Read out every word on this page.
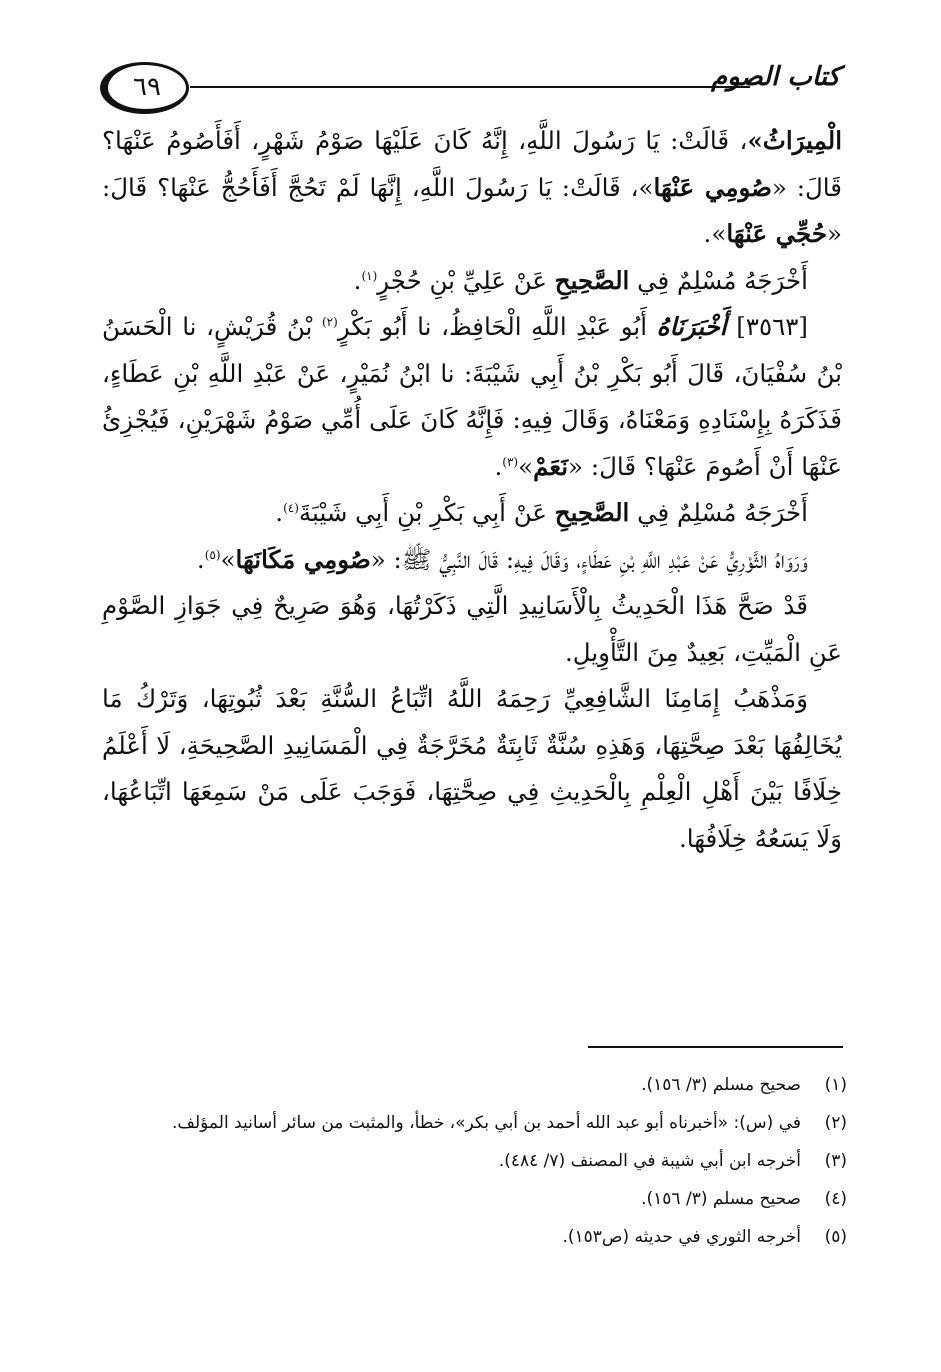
٦٩	كتاب الصوم

الْمِيرَاثُ»، قَالَتْ: يَا رَسُولَ اللَّهِ، إِنَّهُ كَانَ عَلَيْهَا صَوْمُ شَهْرٍ، أَفَأَصُومُ عَنْهَا؟ قَالَ: «صُومِي عَنْهَا»، قَالَتْ: يَا رَسُولَ اللَّهِ، إِنَّهَا لَمْ تَحُجَّ أَفَأَحُجُّ عَنْهَا؟ قَالَ: «حُجِّي عَنْهَا».

أَخْرَجَهُ مُسْلِمٌ فِي الصَّحِيحِ عَنْ عَلِيِّ بْنِ حُجْرٍ$^{(١)}$.

[٣٥٦٣] أَخْبَرَنَاهُ أَبُو عَبْدِ اللَّهِ الْحَافِظُ، نا أَبُو بَكْرٍ$^{(٢)}$ بْنُ قُرَيْشٍ، نا الْحَسَنُ بْنُ سُفْيَانَ، قَالَ أَبُو بَكْرِ بْنُ أَبِي شَيْبَةَ: نا ابْنُ نُمَيْرٍ، عَنْ عَبْدِ اللَّهِ بْنِ عَطَاءٍ، فَذَكَرَهُ بِإِسْنَادِهِ وَمَعْنَاهُ، وَقَالَ فِيهِ: فَإِنَّهُ كَانَ عَلَى أُمِّي صَوْمُ شَهْرَيْنِ، فَيُجْزِئُ عَنْهَا أَنْ أَصُومَ عَنْهَا؟ قَالَ: «نَعَمْ»$^{(٣)}$.

أَخْرَجَهُ مُسْلِمٌ فِي الصَّحِيحِ عَنْ أَبِي بَكْرِ بْنِ أَبِي شَيْبَةَ$^{(٤)}$.

وَرَوَاهُ الثَّوْرِيُّ عَنْ عَبْدِ اللَّهِ بْنِ عَطَاءٍ، وَقَالَ فِيهِ: قَالَ النَّبِيُّ ﷺ: «صُومِي مَكَانَهَا»$^{(٥)}$.

قَدْ صَحَّ هَذَا الْحَدِيثُ بِالْأَسَانِيدِ الَّتِي ذَكَرْتُهَا، وَهُوَ صَرِيحٌ فِي جَوَازِ الصَّوْمِ عَنِ الْمَيِّتِ، بَعِيدٌ مِنَ التَّأْوِيلِ.

وَمَذْهَبُ إِمَامِنَا الشَّافِعِيِّ رَحِمَهُ اللَّهُ اتِّبَاعُ السُّنَّةِ بَعْدَ ثُبُوتِهَا، وَتَرْكُ مَا يُخَالِفُهَا بَعْدَ صِحَّتِهَا، وَهَذِهِ سُنَّةٌ ثَابِتَةٌ مُخَرَّجَةٌ فِي الْمَسَانِيدِ الصَّحِيحَةِ، لَا أَعْلَمُ خِلَافًا بَيْنَ أَهْلِ الْعِلْمِ بِالْحَدِيثِ فِي صِحَّتِهَا، فَوَجَبَ عَلَى مَنْ سَمِعَهَا اتِّبَاعُهَا، وَلَا يَسَعُهُ خِلَافُهَا.

(١)
صحيح مسلم (٣/ ١٥٦).
(٢)
في (س): «أخبرناه أبو عبد الله أحمد بن أبي بكر»، خطأ، والمثبت من سائر أسانيد المؤلف.
(٣)
أخرجه ابن أبي شيبة في المصنف (٧/ ٤٨٤).
(٤)
صحيح مسلم (٣/ ١٥٦).
(٥)
أخرجه الثوري في حديثه (ص١٥٣).
